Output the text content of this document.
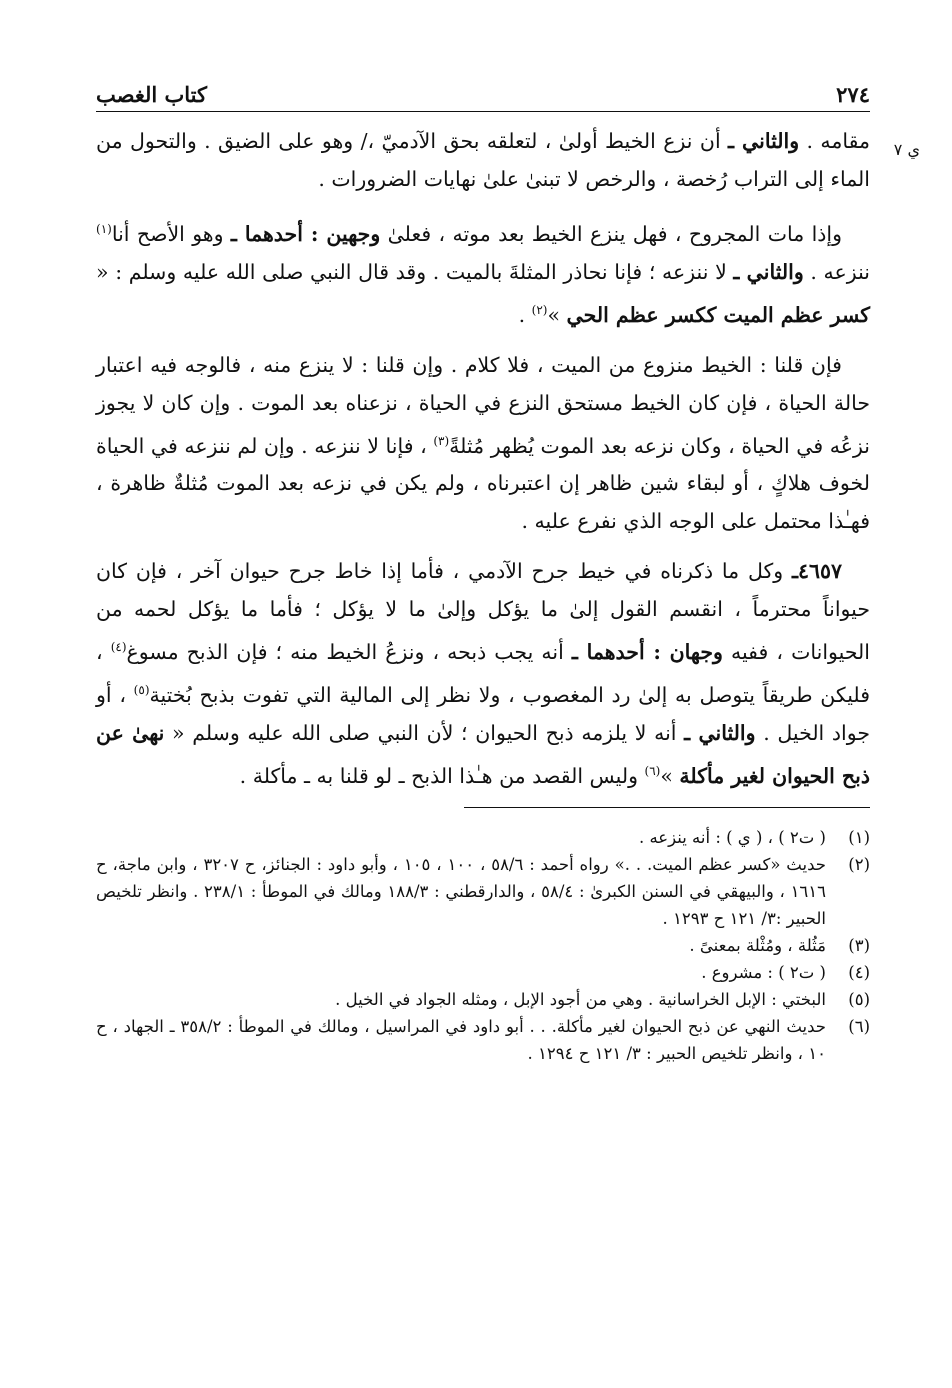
٢٧٤
كتاب الغصب
ي ٧

مقامه . والثاني ـ أن نزع الخيط أولىٰ ، لتعلقه بحق الآدميّ ،/ وهو على الضيق . والتحول من الماء إلى التراب رُخصة ، والرخص لا تبنىٰ علىٰ نهايات الضرورات .

وإذا مات المجروح ، فهل ينزع الخيط بعد موته ، فعلىٰ وجهين : أحدهما ـ وهو الأصح أنا$^{(١)}$ ننزعه . والثاني ـ لا ننزعه ؛ فإنا نحاذر المثلةَ بالميت . وقد قال النبي صلى الله عليه وسلم : « كسر عظم الميت ككسر عظم الحي »$^{(٢)}$ .

فإن قلنا : الخيط منزوع من الميت ، فلا كلام . وإن قلنا : لا ينزع منه ، فالوجه فيه اعتبار حالة الحياة ، فإن كان الخيط مستحق النزع في الحياة ، نزعناه بعد الموت . وإن كان لا يجوز نزعُه في الحياة ، وكان نزعه بعد الموت يُظهر مُثلةً$^{(٣)}$ ، فإنا لا ننزعه . وإن لم ننزعه في الحياة لخوف هلاكٍ ، أو لبقاء شين ظاهر إن اعتبرناه ، ولم يكن في نزعه بعد الموت مُثلةٌ ظاهرة ، فهـٰذا محتمل على الوجه الذي نفرع عليه .

٤٦٥٧ـ وكل ما ذكرناه في خيط جرح الآدمي ، فأما إذا خاط جرح حيوان آخر ، فإن كان حيواناً محترماً ، انقسم القول إلىٰ ما يؤكل وإلىٰ ما لا يؤكل ؛ فأما ما يؤكل لحمه من الحيوانات ، ففيه وجهان : أحدهما ـ أنه يجب ذبحه ، ونزعُ الخيط منه ؛ فإن الذبح مسوغ$^{(٤)}$ ، فليكن طريقاً يتوصل به إلىٰ رد المغصوب ، ولا نظر إلى المالية التي تفوت بذبح بُختية$^{(٥)}$ ، أو جواد الخيل . والثاني ـ أنه لا يلزمه ذبح الحيوان ؛ لأن النبي صلى الله عليه وسلم « نهىٰ عن ذبح الحيوان لغير مأكلة »$^{(٦)}$ وليس القصد من هـٰذا الذبح ـ لو قلنا به ـ مأكلة .

(١)
( ت٢ ) ، ( ي ) : أنه ينزعه .
(٢)
حديث «كسر عظم الميت. . .» رواه أحمد : ٥٨/٦ ، ١٠٠ ، ١٠٥ ، وأبو داود : الجنائز، ح ٣٢٠٧ ، وابن ماجة، ح ١٦١٦ ، والبيهقي في السنن الكبرىٰ : ٥٨/٤ ، والدارقطني : ١٨٨/٣ ومالك في الموطأ : ٢٣٨/١ . وانظر تلخيص الحبير :٣/ ١٢١ ح ١٢٩٣ .
(٣)
مَثُلة ، ومُثْلة بمعنىً .
(٤)
( ت٢ ) : مشروع .
(٥)
البختي : الإبل الخراسانية . وهي من أجود الإبل ، ومثله الجواد في الخيل .
(٦)
حديث النهي عن ذبح الحيوان لغير مأكلة. . . أبو داود في المراسيل ، ومالك في الموطأ : ٣٥٨/٢ ـ الجهاد ، ح ١٠ ، وانظر تلخيص الحبير : ٣/ ١٢١ ح ١٢٩٤ .
